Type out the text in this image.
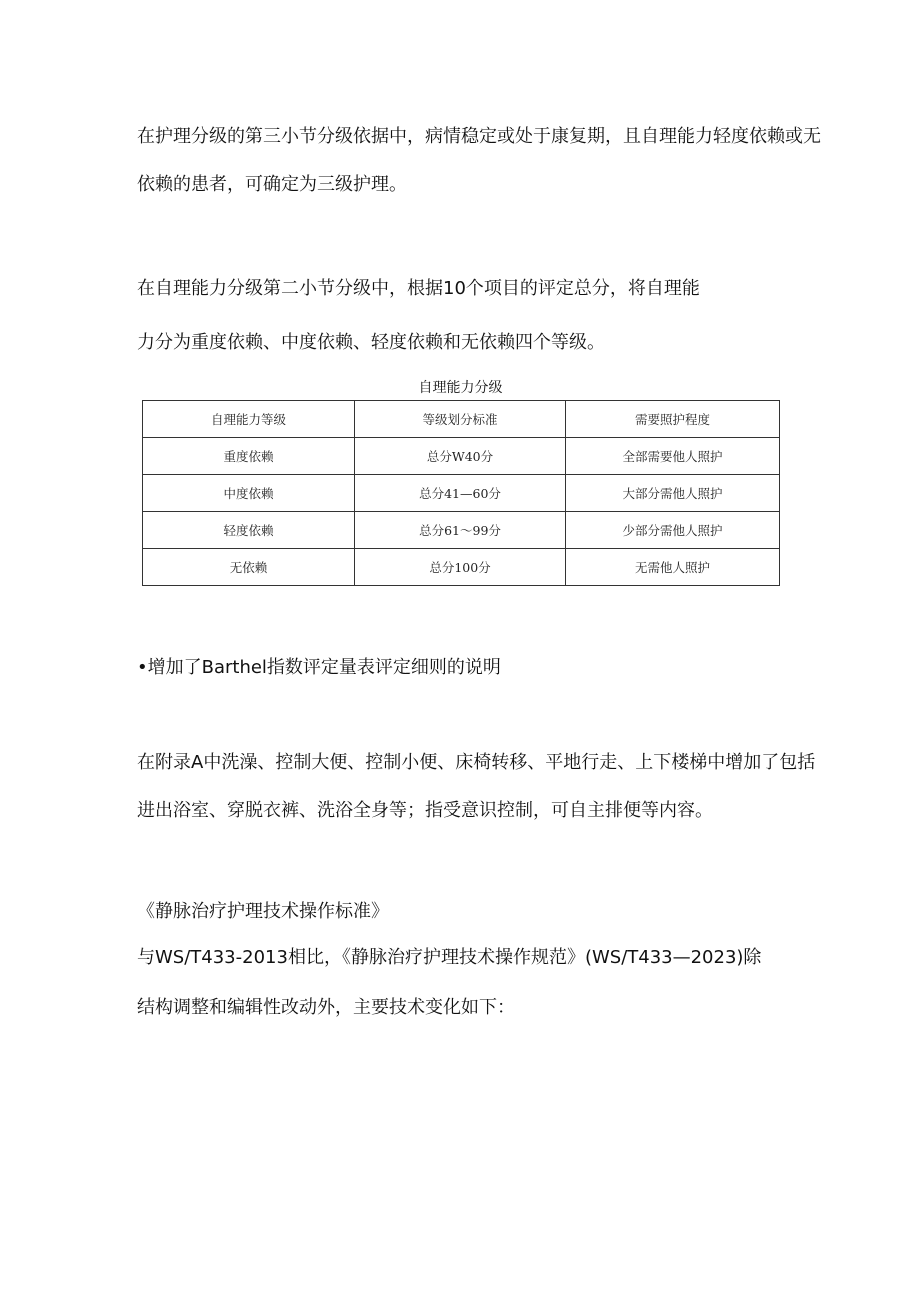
在护理分级的第三小节分级依据中，病情稳定或处于康复期，且自理能力轻度依赖或无

依赖的患者，可确定为三级护理。

在自理能力分级第二小节分级中，根据10个项目的评定总分，将自理能

力分为重度依赖、中度依赖、轻度依赖和无依赖四个等级。

自理能力分级

自理能力等级	等级划分标准	需要照护程度
重度依赖	总分W40分	全部需要他人照护
中度依赖	总分41—60分	大部分需他人照护
轻度依赖	总分61～99分	少部分需他人照护
无依赖	总分100分	无需他人照护

•增加了Barthel指数评定量表评定细则的说明

在附录A中洗澡、控制大便、控制小便、床椅转移、平地行走、上下楼梯中增加了包括

进出浴室、穿脱衣裤、洗浴全身等；指受意识控制，可自主排便等内容。

《静脉治疗护理技术操作标准》

与WS/T433-2013相比，《静脉治疗护理技术操作规范》(WS/T433—2023)除

结构调整和编辑性改动外，主要技术变化如下：
